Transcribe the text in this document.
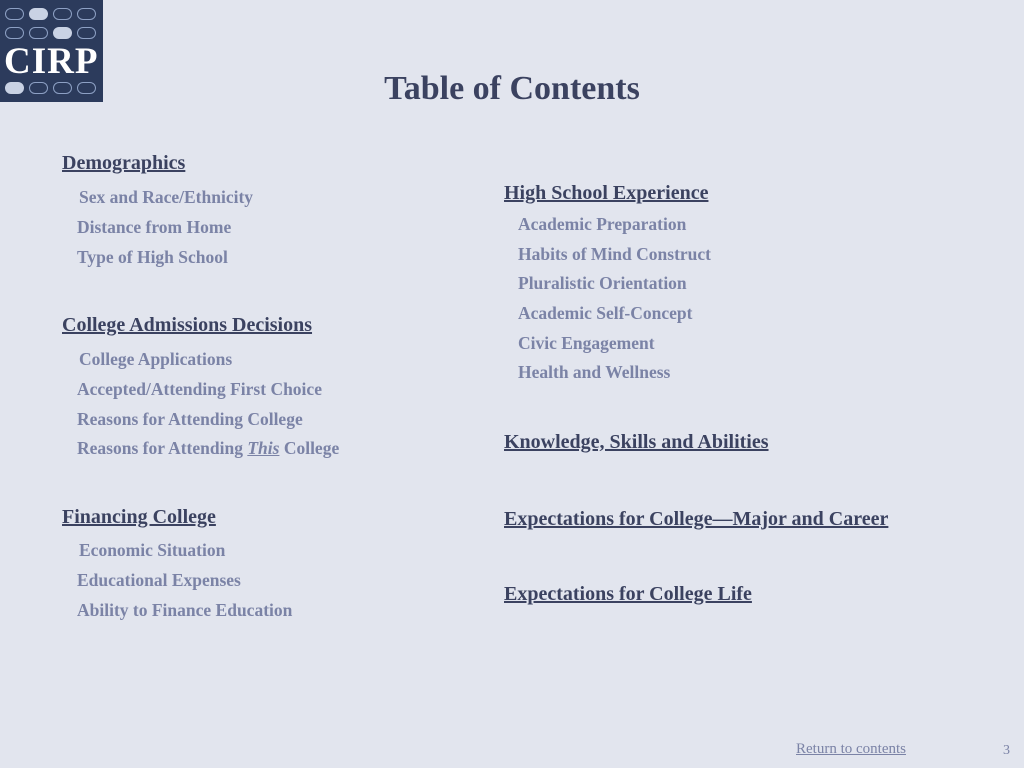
CIRP
Table of Contents
Demographics
Sex and Race/Ethnicity
Distance from Home
Type of High School
College Admissions Decisions
College Applications
Accepted/Attending First Choice
Reasons for Attending College
Reasons for Attending This College
Financing College
Economic Situation
Educational Expenses
Ability to Finance Education
High School Experience
Academic Preparation
Habits of Mind Construct
Pluralistic Orientation
Academic Self-Concept
Civic Engagement
Health and Wellness
Knowledge, Skills and Abilities
Expectations for College—Major and Career
Expectations for College Life
Return to contents	3
